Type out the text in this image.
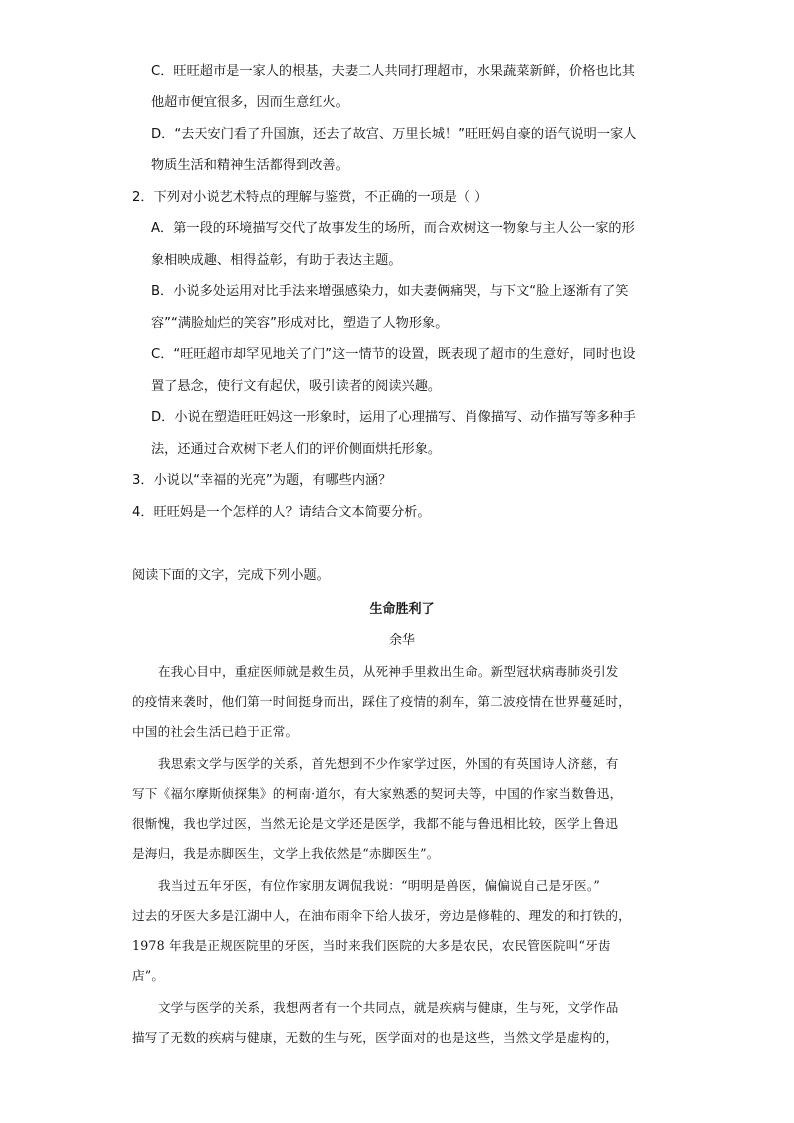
C．旺旺超市是一家人的根基，夫妻二人共同打理超市，水果蔬菜新鲜，价格也比其
他超市便宜很多，因而生意红火。
D．“去天安门看了升国旗，还去了故宫、万里长城！”旺旺妈自豪的语气说明一家人
物质生活和精神生活都得到改善。
2．下列对小说艺术特点的理解与鉴赏，不正确的一项是（ ）
A．第一段的环境描写交代了故事发生的场所，而合欢树这一物象与主人公一家的形
象相映成趣、相得益彰，有助于表达主题。
B．小说多处运用对比手法来增强感染力，如夫妻俩痛哭，与下文“脸上逐渐有了笑
容”“满脸灿烂的笑容”形成对比，塑造了人物形象。
C．“旺旺超市却罕见地关了门”这一情节的设置，既表现了超市的生意好，同时也设
置了悬念，使行文有起伏，吸引读者的阅读兴趣。
D．小说在塑造旺旺妈这一形象时，运用了心理描写、肖像描写、动作描写等多种手
法，还通过合欢树下老人们的评价侧面烘托形象。
3．小说以“幸福的光亮”为题，有哪些内涵？
4．旺旺妈是一个怎样的人？请结合文本简要分析。
阅读下面的文字，完成下列小题。
生命胜利了
余华
在我心目中，重症医师就是救生员，从死神手里救出生命。新型冠状病毒肺炎引发
的疫情来袭时，他们第一时间挺身而出，踩住了疫情的刹车，第二波疫情在世界蔓延时，
中国的社会生活已趋于正常。
我思索文学与医学的关系，首先想到不少作家学过医，外国的有英国诗人济慈，有
写下《福尔摩斯侦探集》的柯南·道尔，有大家熟悉的契诃夫等，中国的作家当数鲁迅，
很惭愧，我也学过医，当然无论是文学还是医学，我都不能与鲁迅相比较，医学上鲁迅
是海归，我是赤脚医生，文学上我依然是“赤脚医生”。
我当过五年牙医，有位作家朋友调侃我说：“明明是兽医，偏偏说自己是牙医。”
过去的牙医大多是江湖中人，在油布雨伞下给人拔牙，旁边是修鞋的、理发的和打铁的，
1978 年我是正规医院里的牙医，当时来我们医院的大多是农民，农民管医院叫“牙齿
店”。
文学与医学的关系，我想两者有一个共同点，就是疾病与健康，生与死，文学作品
描写了无数的疾病与健康，无数的生与死，医学面对的也是这些，当然文学是虚构的，
